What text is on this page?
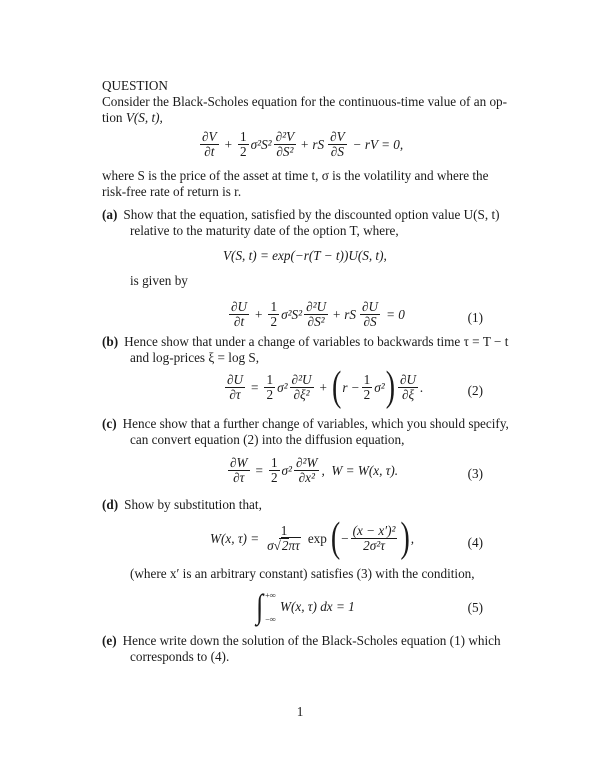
QUESTION
Consider the Black-Scholes equation for the continuous-time value of an op-
tion V(S, t),
$\frac{\partial V}{\partial t} + \frac{1}{2} \sigma^2S^2 \frac{\text{∂²V}}{\text{∂S²}}$ + rS $\frac{\partial V}{\partial S}$ − rV = 0,
where S is the price of the asset at time t, σ is the volatility and where the
risk-free rate of return is r.
(a) Show that the equation, satisfied by the discounted option value U(S, t)
relative to the maturity date of the option T, where,
V(S, t) = exp(−r(T − t))U(S, t),
is given by
$\frac{\partial U}{\partial t} + \frac{1}{2} \sigma^2S^2 \frac{\text{∂²U}}{\text{∂S²}}$ + rS $\frac{\partial U}{\partial S} = 0$	(1)
(b) Hence show that under a change of variables to backwards time τ = T − t
and log-prices ξ = log S,
$\frac{\partial U}{\partial\tau} = \frac{1}{2} \sigma^2 \frac{\text{∂²U}}{\text{∂ξ²}}$ + ( $r - \frac{1}{2} \sigma^2$ ) $\frac{\partial U}{\partial\xi}$ .	(2)
(c) Hence show that a further change of variables, which you should specify,
can convert equation (2) into the diffusion equation,
$\frac{\partial W}{\partial\tau} = \frac{1}{2} \sigma^2 \frac{\text{∂²W}}{\text{∂x²}}$ ,  W = W(x, τ).	(3)
(d) Show by substitution that,
W(x, $\tau) = \frac{1}{\sigma√2\pi\tau}$ exp ( − $\frac{\text{(x − x′)²}}{\text{2σ²τ}}$ ) ,	(4)
(where x′ is an arbitrary constant) satisfies (3) with the condition,
∫ +∞
−∞
W(x, τ) dx = 1	(5)
(e) Hence write down the solution of the Black-Scholes equation (1) which
corresponds to (4).
1
